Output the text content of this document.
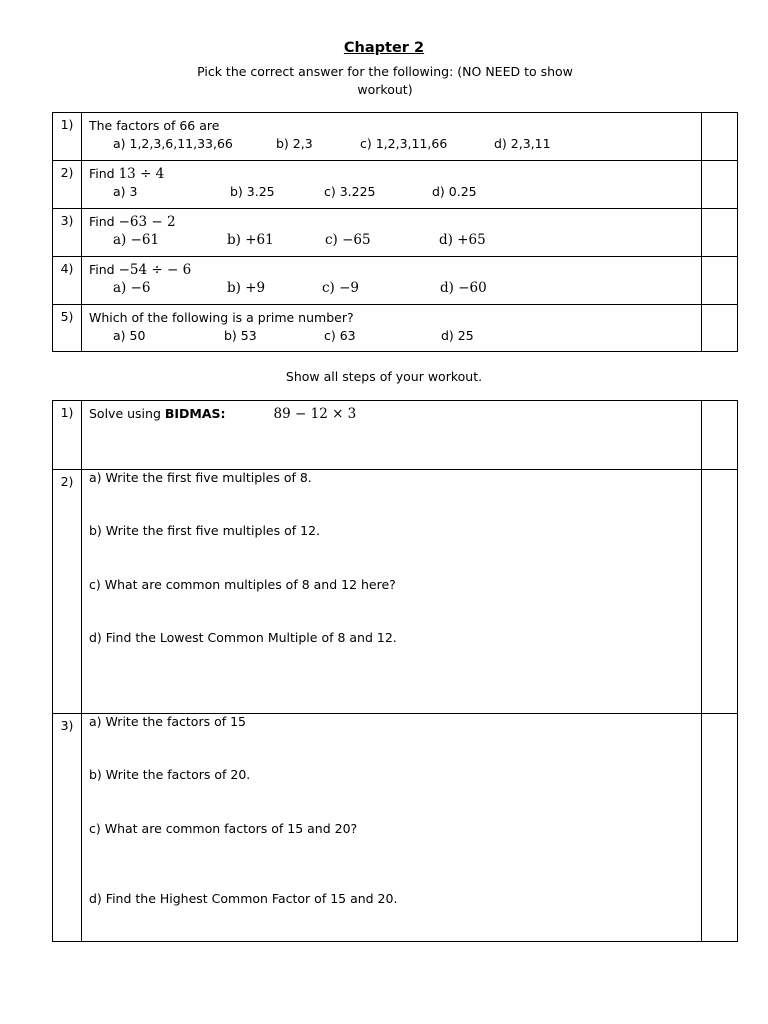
Chapter 2
Pick the correct answer for the following: (NO NEED to show
workout)
1)	The factors of 66 are
a) 1,2,3,6,11,33,66 b) 2,3 c) 1,2,3,11,66 d) 2,3,11	

2)	Find 13 ÷ 4
a) 3 b) 3.25 c) 3.225 d) 0.25	

3)	Find −63 − 2
a) −61 b) +61 c) −65 d) +65	

4)	Find −54 ÷ − 6
a) −6 b) +9 c) −9 d) −60	

5)	Which of the following is a prime number?
a) 50 b) 53 c) 63 d) 25	

Show all steps of your workout.
1)	Solve using BIDMAS: 89 − 12 × 3	

2)	a) Write the first five multiples of 8.
b) Write the first five multiples of 12.
c) What are common multiples of 8 and 12 here?
d) Find the Lowest Common Multiple of 8 and 12.	

3)	a) Write the factors of 15
b) Write the factors of 20.
c) What are common factors of 15 and 20?
d) Find the Highest Common Factor of 15 and 20.	
